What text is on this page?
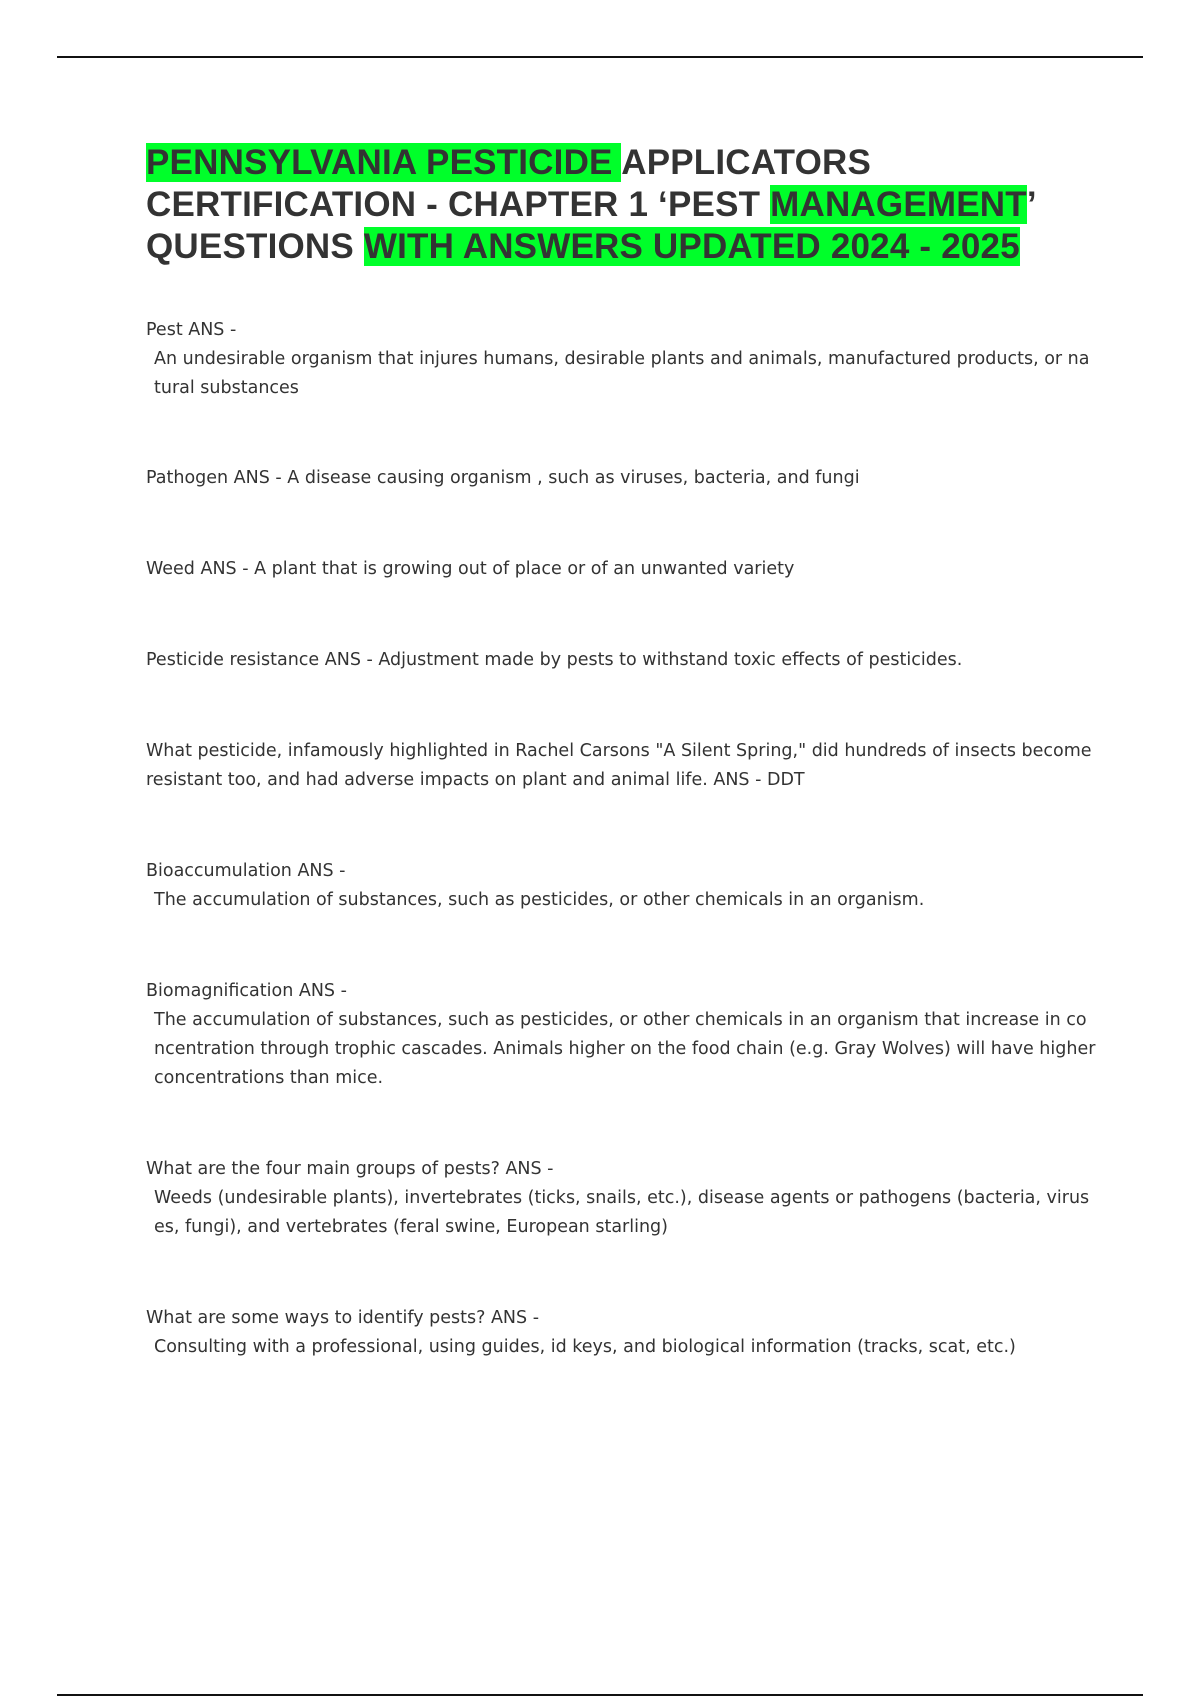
PENNSYLVANIA PESTICIDE APPLICATORS CERTIFICATION - CHAPTER 1 ‘PEST MANAGEMENT’ QUESTIONS WITH ANSWERS UPDATED 2024 - 2025
Pest ANS -
An undesirable organism that injures humans, desirable plants and animals, manufactured products, or natural substances
Pathogen ANS - A disease causing organism , such as viruses, bacteria, and fungi
Weed ANS - A plant that is growing out of place or of an unwanted variety
Pesticide resistance ANS - Adjustment made by pests to withstand toxic effects of pesticides.
What pesticide, infamously highlighted in Rachel Carsons "A Silent Spring," did hundreds of insects become resistant too, and had adverse impacts on plant and animal life. ANS - DDT
Bioaccumulation ANS -
The accumulation of substances, such as pesticides, or other chemicals in an organism.
Biomagnification ANS -
The accumulation of substances, such as pesticides, or other chemicals in an organism that increase in concentration through trophic cascades. Animals higher on the food chain (e.g. Gray Wolves) will have higher concentrations than mice.
What are the four main groups of pests? ANS -
Weeds (undesirable plants), invertebrates (ticks, snails, etc.), disease agents or pathogens (bacteria, viruses, fungi), and vertebrates (feral swine, European starling)
What are some ways to identify pests? ANS -
Consulting with a professional, using guides, id keys, and biological information (tracks, scat, etc.)
